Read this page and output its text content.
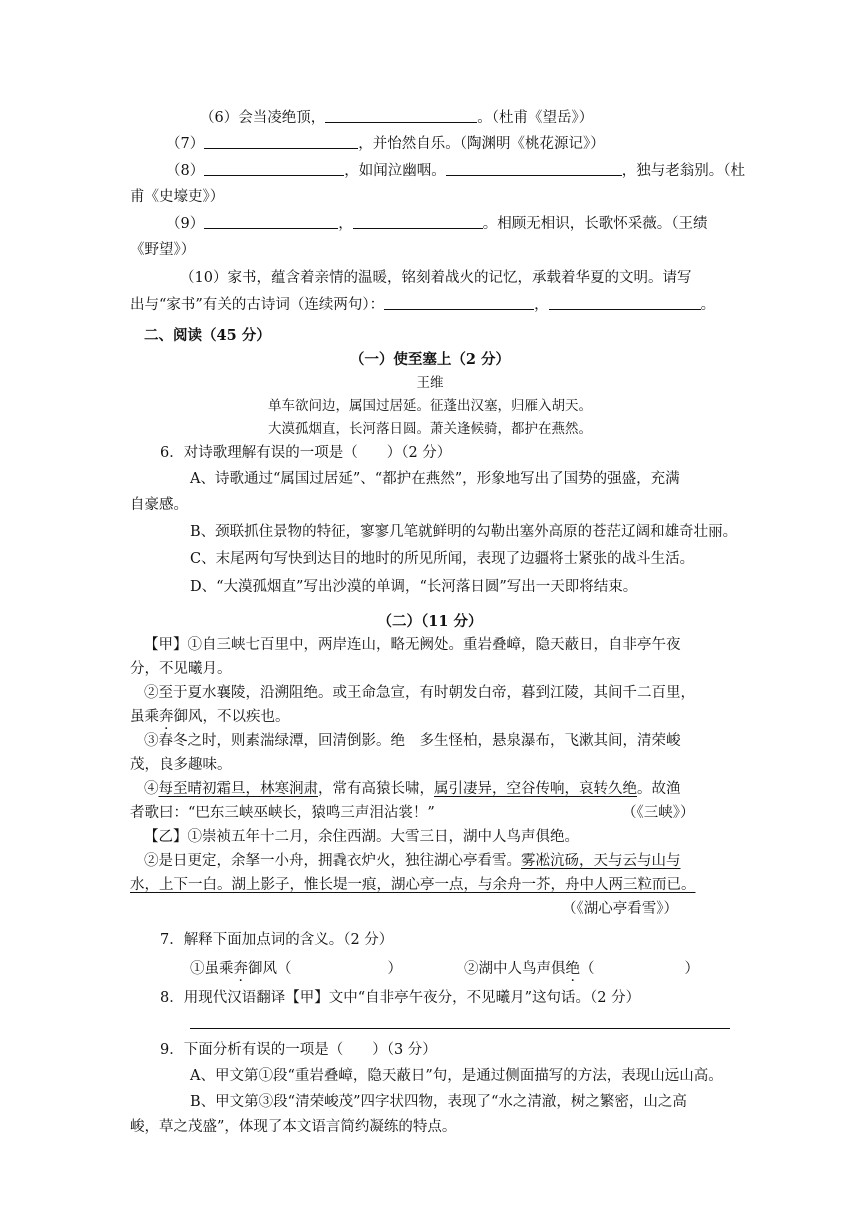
（6）会当凌绝顶，	。（杜甫《望岳》）
（7）	，并怡然自乐。（陶渊明《桃花源记》）
（8）	，如闻泣幽咽。	，独与老翁别。（杜
甫《史壕吏》）
（9）	，	。相顾无相识，长歌怀采薇。（王绩
《野望》）
（10）家书，蕴含着亲情的温暖，铭刻着战火的记忆，承载着华夏的文明。请写
出与“家书”有关的古诗词（连续两句）：	，	。
二、阅读（45 分）
（一）使至塞上（2 分）
王维
单车欲问边，属国过居延。征蓬出汉塞，归雁入胡天。
大漠孤烟直，长河落日圆。萧关逢候骑，都护在燕然。
6．对诗歌理解有误的一项是（　　）（2 分）
A、诗歌通过“属国过居延”、“都护在燕然”，形象地写出了国势的强盛，充满
自豪感。
B、颈联抓住景物的特征，寥寥几笔就鲜明的勾勒出塞外高原的苍茫辽阔和雄奇壮丽。
C、末尾两句写快到达目的地时的所见所闻，表现了边疆将士紧张的战斗生活。
D、“大漠孤烟直”写出沙漠的单调，“长河落日圆”写出一天即将结束。
（二）（11 分）
【甲】①自三峡七百里中，两岸连山，略无阙处。重岩叠嶂，隐天蔽日，自非亭午夜
分，不见曦月。
②至于夏水襄陵，沿溯阻绝。或王命急宣，有时朝发白帝，暮到江陵，其间千二百里，
虽乘奔御风，不以疾也。
③春冬之时，则素湍绿潭，回清倒影。绝　多生怪柏，悬泉瀑布，飞漱其间，清荣峻
茂，良多趣味。
④每至晴初霜旦，林寒涧肃，常有高猿长啸，属引凄异，空谷传响，哀转久绝。故渔
者歌曰：“巴东三峡巫峡长，猿鸣三声泪沾裳！”	（《三峡》）
【乙】①崇祯五年十二月，余住西湖。大雪三日，湖中人鸟声俱绝。
②是日更定，余拏一小舟，拥毳衣炉火，独往湖心亭看雪。雾凇沆砀，天与云与山与
水，上下一白。湖上影子，惟长堤一痕，湖心亭一点，与余舟一芥，舟中人两三粒而已。
（《湖心亭看雪》）
7．解释下面加点词的含义。（2 分）
①虽乘奔御风（	）	②湖中人鸟声俱绝（	）
8．用现代汉语翻译【甲】文中“自非亭午夜分，不见曦月”这句话。（2 分）
9．下面分析有误的一项是（　　）（3 分）
A、甲文第①段“重岩叠嶂，隐天蔽日”句，是通过侧面描写的方法，表现山远山高。
B、甲文第③段“清荣峻茂”四字状四物，表现了“水之清澈，树之繁密，山之高
峻，草之茂盛”，体现了本文语言简约凝练的特点。
